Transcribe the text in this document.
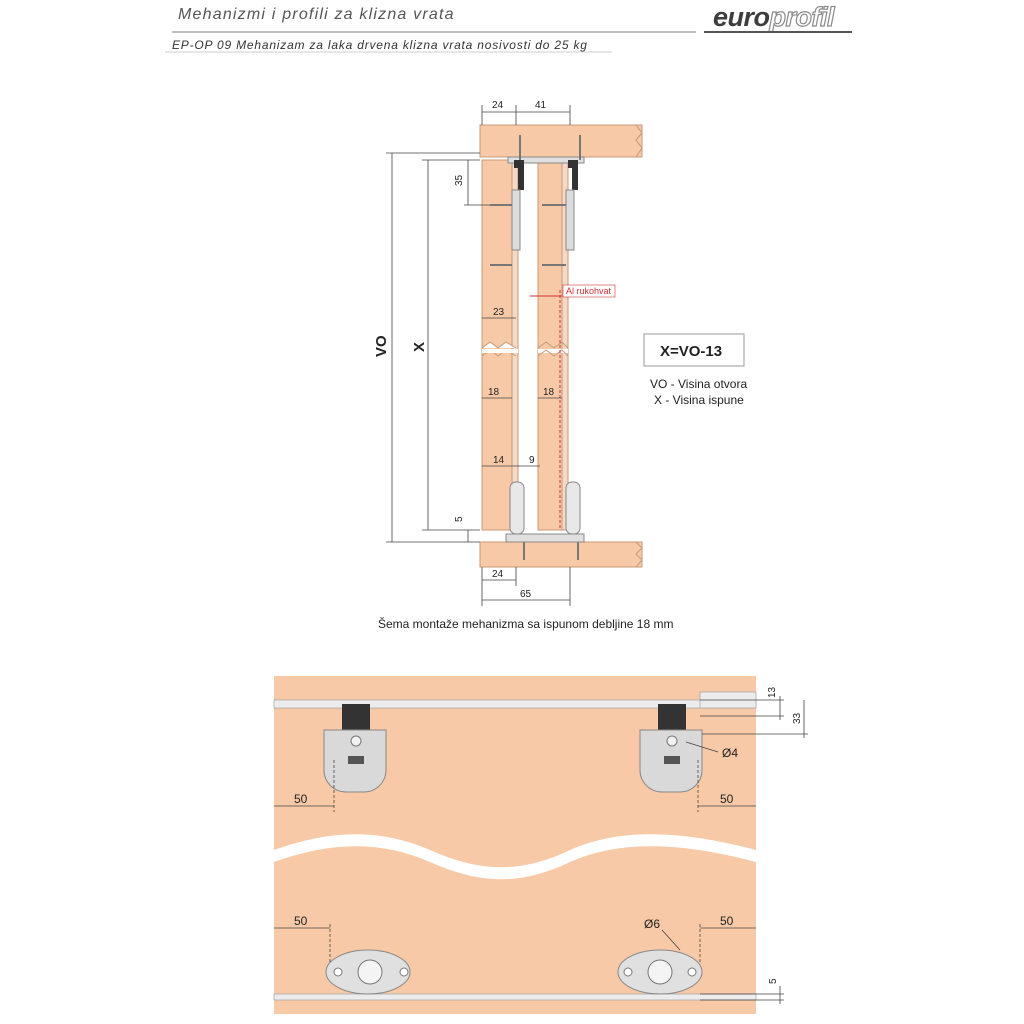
Mehanizmi i profili za klizna vrata
EP-OP 09 Mehanizam za laka drvena klizna vrata nosivosti do 25 kg
europrofil
Al rukohvat
24	41
35
VO X
23
18	18
14 9
5
24
65
X=VO-13
VO - Visina otvora
X - Visina ispune
Šema montaže mehanizma sa ispunom debljine 18 mm
50	50
13
33
Ø4
50	50
Ø6
5
